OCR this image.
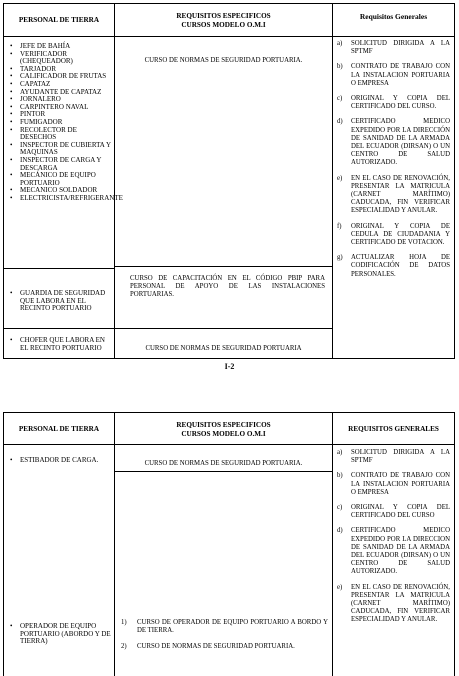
PERSONAL DE TIERRA
• JEFE DE BAHÍA
• VERIFICADOR (CHEQUEADOR)
• TARJADOR
• CALIFICADOR DE FRUTAS
• CAPATAZ
• AYUDANTE DE CAPATAZ
• JORNALERO
• CARPINTERO NAVAL
• PINTOR
• FUMIGADOR
• RECOLECTOR DE DESECHOS
• INSPECTOR DE CUBIERTA Y MAQUINAS
• INSPECTOR DE CARGA Y DESCARGA
• MECÁNICO DE EQUIPO PORTUARIO
• MECANICO SOLDADOR
• ELECTRICISTA/REFRIGERANTE
• GUARDIA DE SEGURIDAD QUE LABORA EN EL RECINTO PORTUARIO
• CHOFER QUE LABORA EN EL RECINTO PORTUARIO
REQUISITOS ESPECIFICOS
CURSOS MODELO O.M.I
CURSO DE NORMAS DE SEGURIDAD PORTUARIA.
CURSO DE CAPACITACIÓN EN EL CÓDIGO PBIP PARA PERSONAL DE APOYO DE LAS INSTALACIONES PORTUARIAS.
CURSO DE NORMAS DE SEGURIDAD PORTUARIA
Requisitos Generales
a) SOLICITUD DIRIGIDA A LA SPTMF
b) CONTRATO DE TRABAJO CON LA INSTALACION PORTUARIA O EMPRESA
c) ORIGINAL Y COPIA DEL CERTIFICADO DEL CURSO.
d) CERTIFICADO MEDICO EXPEDIDO POR LA DIRECCIÓN DE SANIDAD DE LA ARMADA DEL ECUADOR (DIRSAN) O UN CENTRO DE SALUD AUTORIZADO.
e) EN EL CASO DE RENOVACIÓN, PRESENTAR LA MATRICULA (CARNET MARÍTIMO) CADUCADA, FIN VERIFICAR ESPECIALIDAD Y ANULAR.
f) ORIGINAL Y COPIA DE CEDULA DE CIUDADANIA Y CERTIFICADO DE VOTACION.
g) ACTUALIZAR HOJA DE CODIFICACIÓN DE DATOS PERSONALES.
I-2
PERSONAL DE TIERRA
• ESTIBADOR DE CARGA.
• OPERADOR DE EQUIPO PORTUARIO (ABORDO Y DE TIERRA)
REQUISITOS ESPECIFICOS
CURSOS MODELO O.M.I
CURSO DE NORMAS DE SEGURIDAD PORTUARIA.
1) CURSO DE OPERADOR DE EQUIPO PORTUARIO A BORDO Y DE TIERRA.
2) CURSO DE NORMAS DE SEGURIDAD PORTUARIA.
REQUISITOS GENERALES
a) SOLICITUD DIRIGIDA A LA SPTMF
b) CONTRATO DE TRABAJO CON LA INSTALACION PORTUARIA O EMPRESA
c) ORIGINAL Y COPIA DEL CERTIFICADO DEL CURSO
d) CERTIFICADO MEDICO EXPEDIDO POR LA DIRECCION DE SANIDAD DE LA ARMADA DEL ECUADOR (DIRSAN) O UN CENTRO DE SALUD AUTORIZADO.
e) EN EL CASO DE RENOVACIÓN, PRESENTAR LA MATRICULA (CARNET MARÍTIMO) CADUCADA, FIN VERIFICAR ESPECIALIDAD Y ANULAR.
